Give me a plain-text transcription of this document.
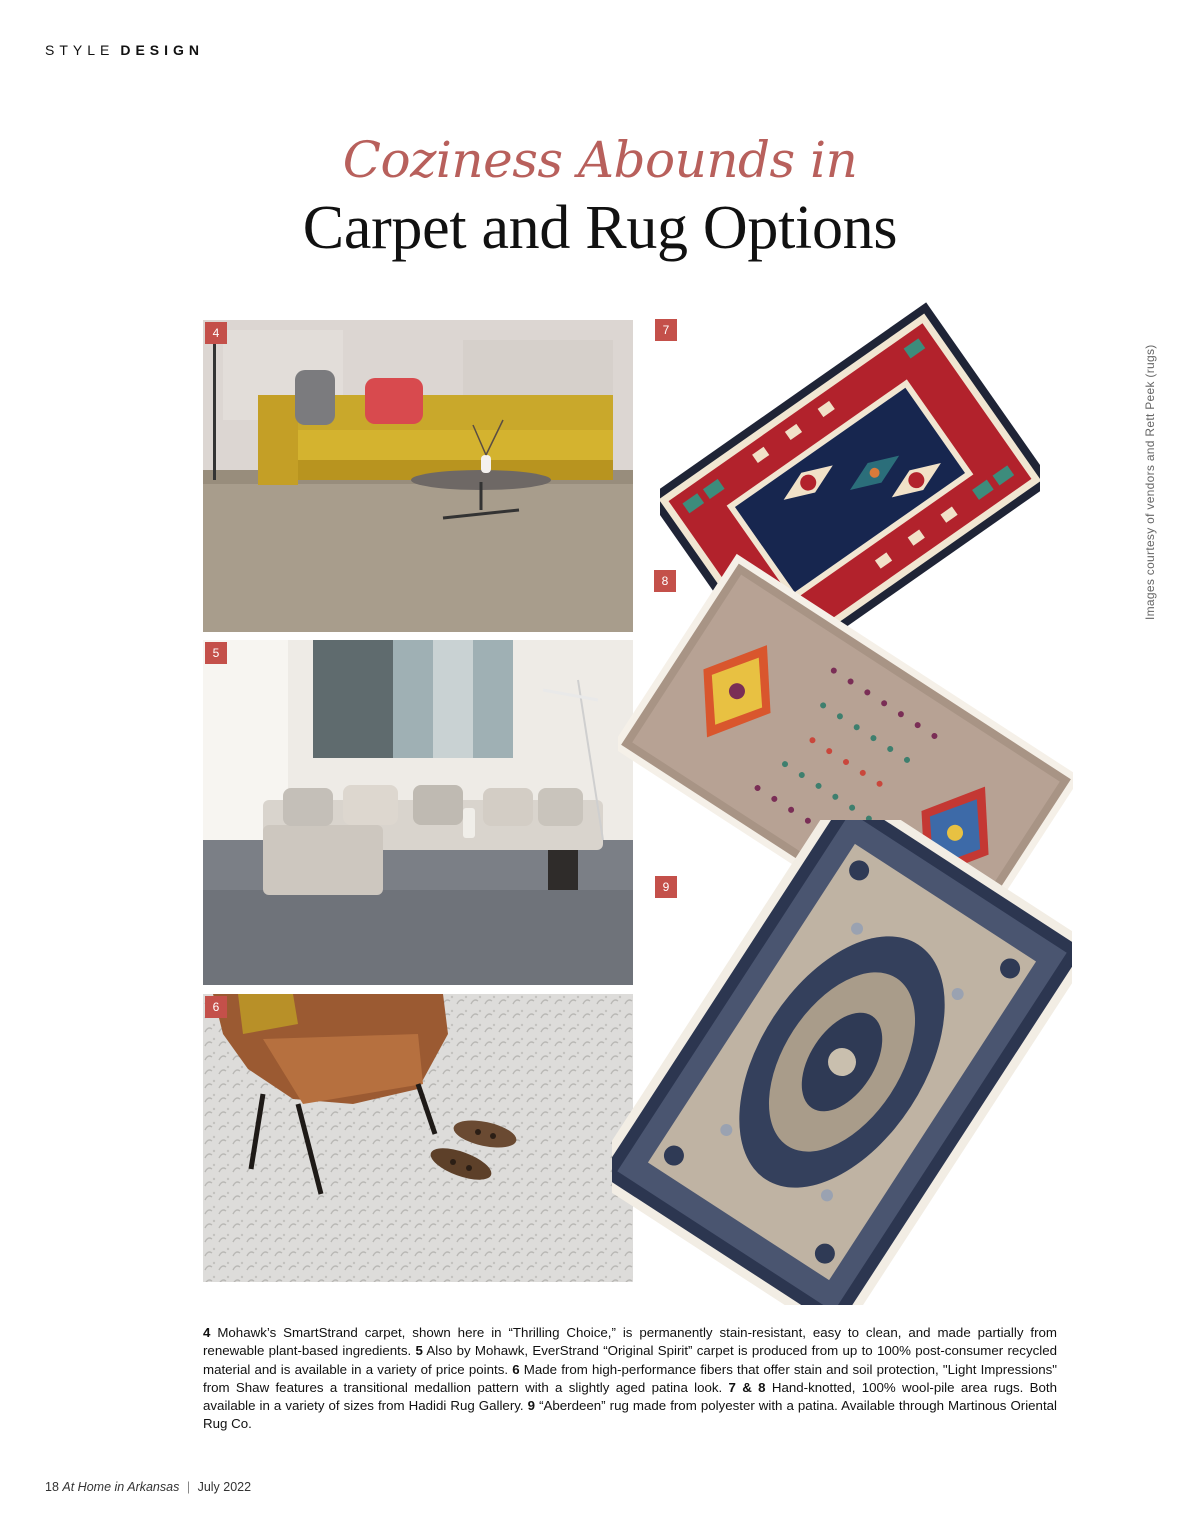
STYLE DESIGN
Coziness Abounds in
Carpet and Rug Options
Images courtesy of vendors and Rett Peek (rugs)
4
5
6
7
8
9
4 Mohawk’s SmartStrand carpet, shown here in “Thrilling Choice,” is permanently stain-resistant, easy to clean, and made partially from renewable plant-based ingredients. 5 Also by Mohawk, EverStrand “Original Spirit” carpet is produced from up to 100% post-consumer recycled material and is available in a variety of price points. 6 Made from high-performance fibers that offer stain and soil protection, "Light Impressions" from Shaw features a transitional medallion pattern with a slightly aged patina look. 7 & 8 Hand-knotted, 100% wool-pile area rugs. Both available in a variety of sizes from Hadidi Rug Gallery. 9 “Aberdeen” rug made from polyester with a patina. Available through Martinous Oriental Rug Co.
18 At Home in Arkansas | July 2022
